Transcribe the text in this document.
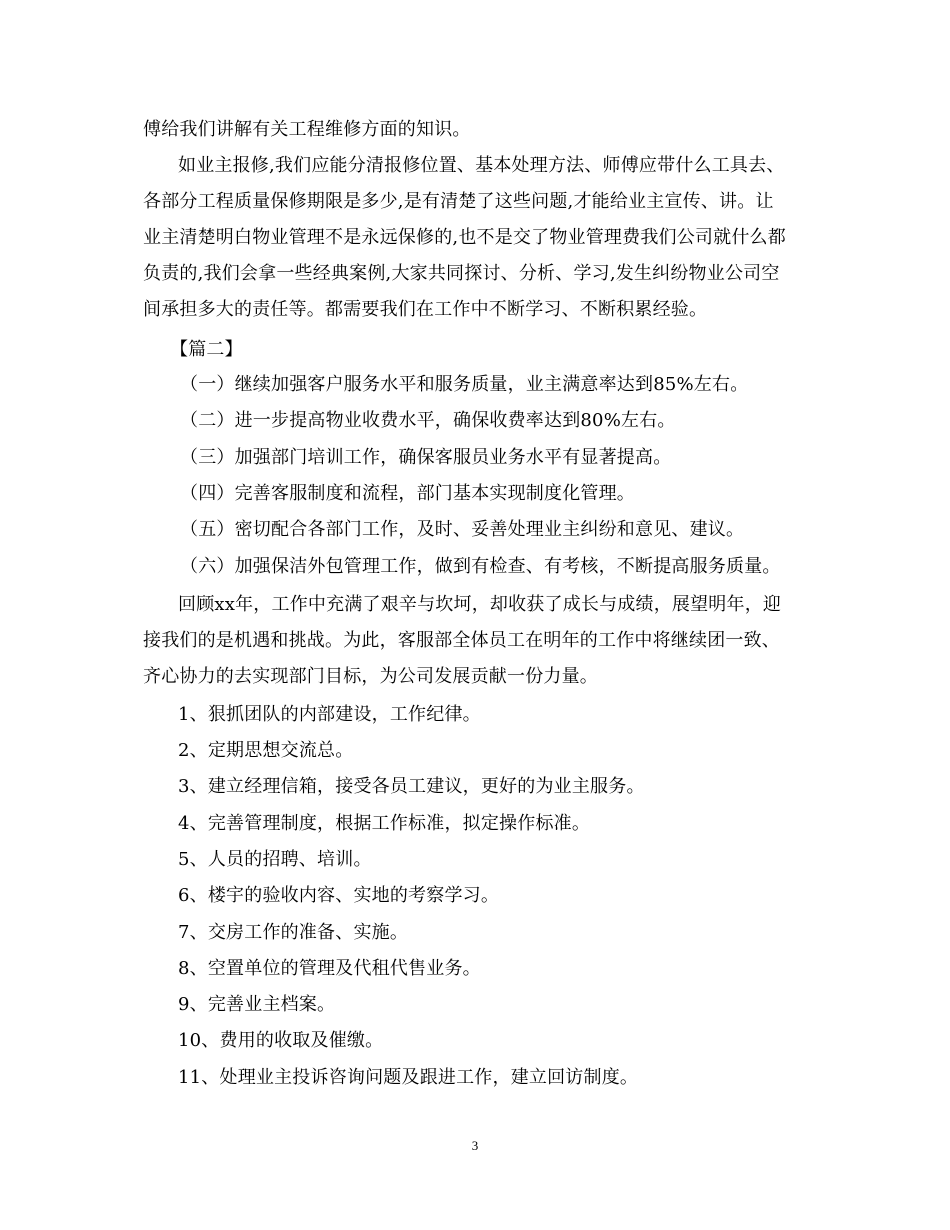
傅给我们讲解有关工程维修方面的知识。
如业主报修,我们应能分清报修位置、基本处理方法、师傅应带什么工具去、
各部分工程质量保修期限是多少,是有清楚了这些问题,才能给业主宣传、讲。让
业主清楚明白物业管理不是永远保修的,也不是交了物业管理费我们公司就什么都
负责的,我们会拿一些经典案例,大家共同探讨、分析、学习,发生纠纷物业公司空
间承担多大的责任等。都需要我们在工作中不断学习、不断积累经验。
【篇二】
（一）继续加强客户服务水平和服务质量，业主满意率达到85%左右。
（二）进一步提高物业收费水平，确保收费率达到80%左右。
（三）加强部门培训工作，确保客服员业务水平有显著提高。
（四）完善客服制度和流程，部门基本实现制度化管理。
（五）密切配合各部门工作，及时、妥善处理业主纠纷和意见、建议。
（六）加强保洁外包管理工作，做到有检查、有考核，不断提高服务质量。
回顾xx年，工作中充满了艰辛与坎坷，却收获了成长与成绩，展望明年，迎
接我们的是机遇和挑战。为此，客服部全体员工在明年的工作中将继续团一致、
齐心协力的去实现部门目标，为公司发展贡献一份力量。
1、狠抓团队的内部建设，工作纪律。
2、定期思想交流总。
3、建立经理信箱，接受各员工建议，更好的为业主服务。
4、完善管理制度，根据工作标准，拟定操作标准。
5、人员的招聘、培训。
6、楼宇的验收内容、实地的考察学习。
7、交房工作的准备、实施。
8、空置单位的管理及代租代售业务。
9、完善业主档案。
10、费用的收取及催缴。
11、处理业主投诉咨询问题及跟进工作，建立回访制度。
3
